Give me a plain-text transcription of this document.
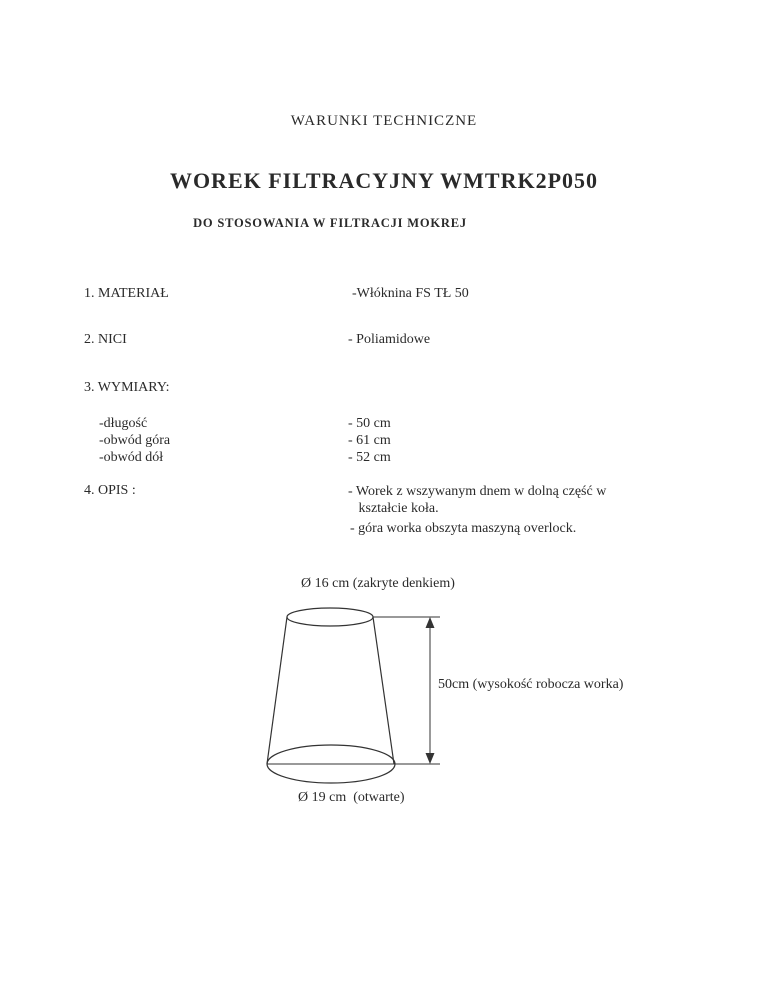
WARUNKI TECHNICZNE
WOREK FILTRACYJNY WMTRK2P050
DO STOSOWANIA W FILTRACJI MOKREJ
1. MATERIAŁ	-Włóknina FS TŁ 50
2. NICI	- Poliamidowe
3. WYMIARY:
-długość	- 50 cm
-obwód góra	- 61 cm
-obwód dół	- 52 cm
4. OPIS :	- Worek z wszywanym dnem w dolną część w
kształcie koła.
- góra worka obszyta maszyną overlock.
Ø 16 cm (zakryte denkiem)
50cm (wysokość robocza worka)
Ø 19 cm  (otwarte)
